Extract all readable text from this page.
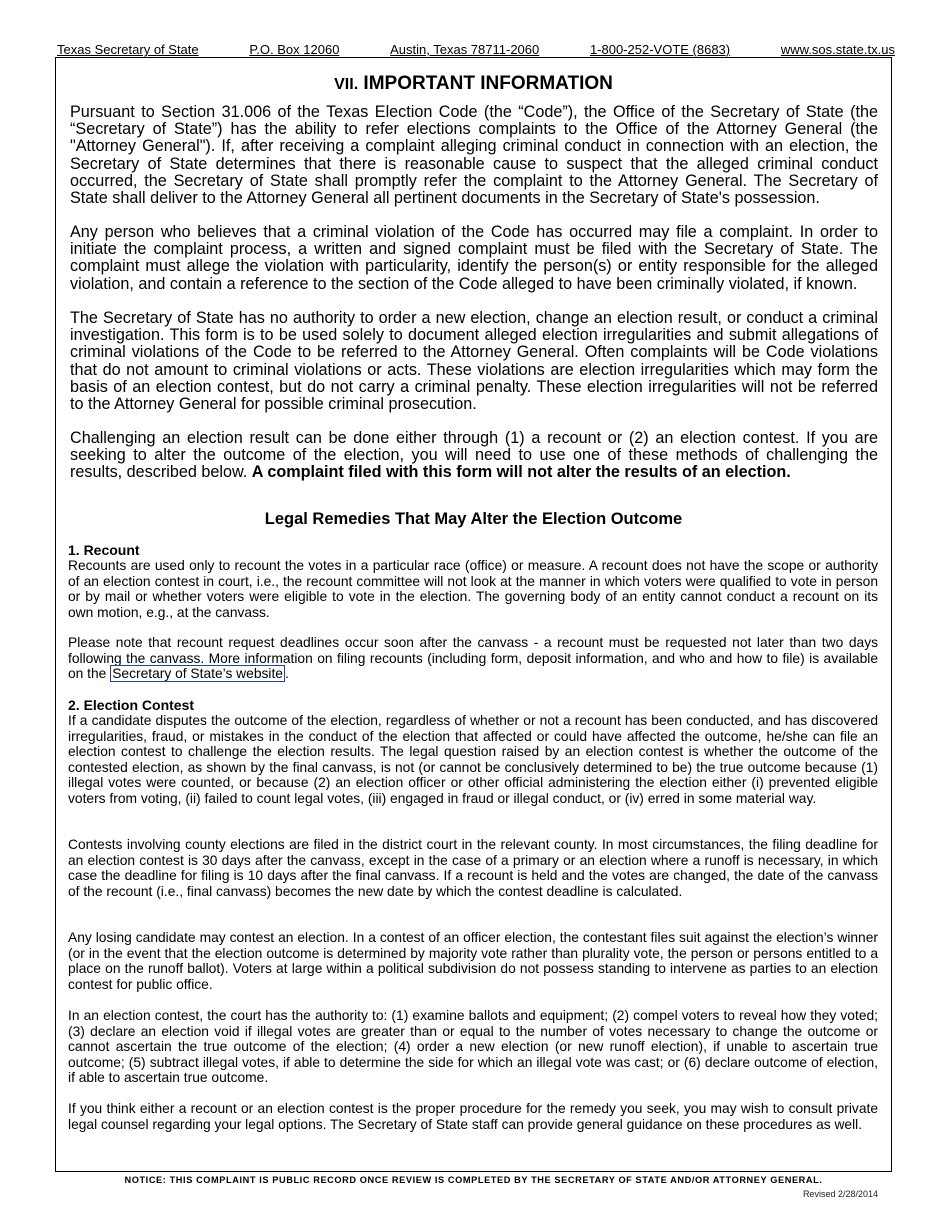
Texas Secretary of State	P.O. Box 12060	Austin, Texas 78711-2060	1-800-252-VOTE (8683)	www.sos.state.tx.us
VII. IMPORTANT INFORMATION

Pursuant to Section 31.006 of the Texas Election Code (the “Code”), the Office of the Secretary of State (the “Secretary of State”) has the ability to refer elections complaints to the Office of the Attorney General (the "Attorney General"). If, after receiving a complaint alleging criminal conduct in connection with an election, the Secretary of State determines that there is reasonable cause to suspect that the alleged criminal conduct occurred, the Secretary of State shall promptly refer the complaint to the Attorney General. The Secretary of State shall deliver to the Attorney General all pertinent documents in the Secretary of State's possession.

Any person who believes that a criminal violation of the Code has occurred may file a complaint. In order to initiate the complaint process, a written and signed complaint must be filed with the Secretary of State. The complaint must allege the violation with particularity, identify the person(s) or entity responsible for the alleged violation, and contain a reference to the section of the Code alleged to have been criminally violated, if known.

The Secretary of State has no authority to order a new election, change an election result, or conduct a criminal investigation. This form is to be used solely to document alleged election irregularities and submit allegations of criminal violations of the Code to be referred to the Attorney General. Often complaints will be Code violations that do not amount to criminal violations or acts. These violations are election irregularities which may form the basis of an election contest, but do not carry a criminal penalty. These election irregularities will not be referred to the Attorney General for possible criminal prosecution.

Challenging an election result can be done either through (1) a recount or (2) an election contest. If you are seeking to alter the outcome of the election, you will need to use one of these methods of challenging the results, described below. A complaint filed with this form will not alter the results of an election.

Legal Remedies That May Alter the Election Outcome

1. Recount

Recounts are used only to recount the votes in a particular race (office) or measure. A recount does not have the scope or authority of an election contest in court, i.e., the recount committee will not look at the manner in which voters were qualified to vote in person or by mail or whether voters were eligible to vote in the election. The governing body of an entity cannot conduct a recount on its own motion, e.g., at the canvass.

Please note that recount request deadlines occur soon after the canvass - a recount must be requested not later than two days following the canvass. More information on filing recounts (including form, deposit information, and who and how to file) is available on the Secretary of State’s website .

2. Election Contest

If a candidate disputes the outcome of the election, regardless of whether or not a recount has been conducted, and has discovered irregularities, fraud, or mistakes in the conduct of the election that affected or could have affected the outcome, he/she can file an election contest to challenge the election results. The legal question raised by an election contest is whether the outcome of the contested election, as shown by the final canvass, is not (or cannot be conclusively determined to be) the true outcome because (1) illegal votes were counted, or because (2) an election officer or other official administering the election either (i) prevented eligible voters from voting, (ii) failed to count legal votes, (iii) engaged in fraud or illegal conduct, or (iv) erred in some material way.

Contests involving county elections are filed in the district court in the relevant county. In most circumstances, the filing deadline for an election contest is 30 days after the canvass, except in the case of a primary or an election where a runoff is necessary, in which case the deadline for filing is 10 days after the final canvass. If a recount is held and the votes are changed, the date of the canvass of the recount (i.e., final canvass) becomes the new date by which the contest deadline is calculated.

Any losing candidate may contest an election. In a contest of an officer election, the contestant files suit against the election’s winner (or in the event that the election outcome is determined by majority vote rather than plurality vote, the person or persons entitled to a place on the runoff ballot). Voters at large within a political subdivision do not possess standing to intervene as parties to an election contest for public office.

In an election contest, the court has the authority to: (1) examine ballots and equipment; (2) compel voters to reveal how they voted; (3) declare an election void if illegal votes are greater than or equal to the number of votes necessary to change the outcome or cannot ascertain the true outcome of the election; (4) order a new election (or new runoff election), if unable to ascertain true outcome; (5) subtract illegal votes, if able to determine the side for which an illegal vote was cast; or (6) declare outcome of election, if able to ascertain true outcome.

If you think either a recount or an election contest is the proper procedure for the remedy you seek, you may wish to consult private legal counsel regarding your legal options. The Secretary of State staff can provide general guidance on these procedures as well.

NOTICE: THIS COMPLAINT IS PUBLIC RECORD ONCE REVIEW IS COMPLETED BY THE SECRETARY OF STATE AND/OR ATTORNEY GENERAL.
Revised 2/28/2014
